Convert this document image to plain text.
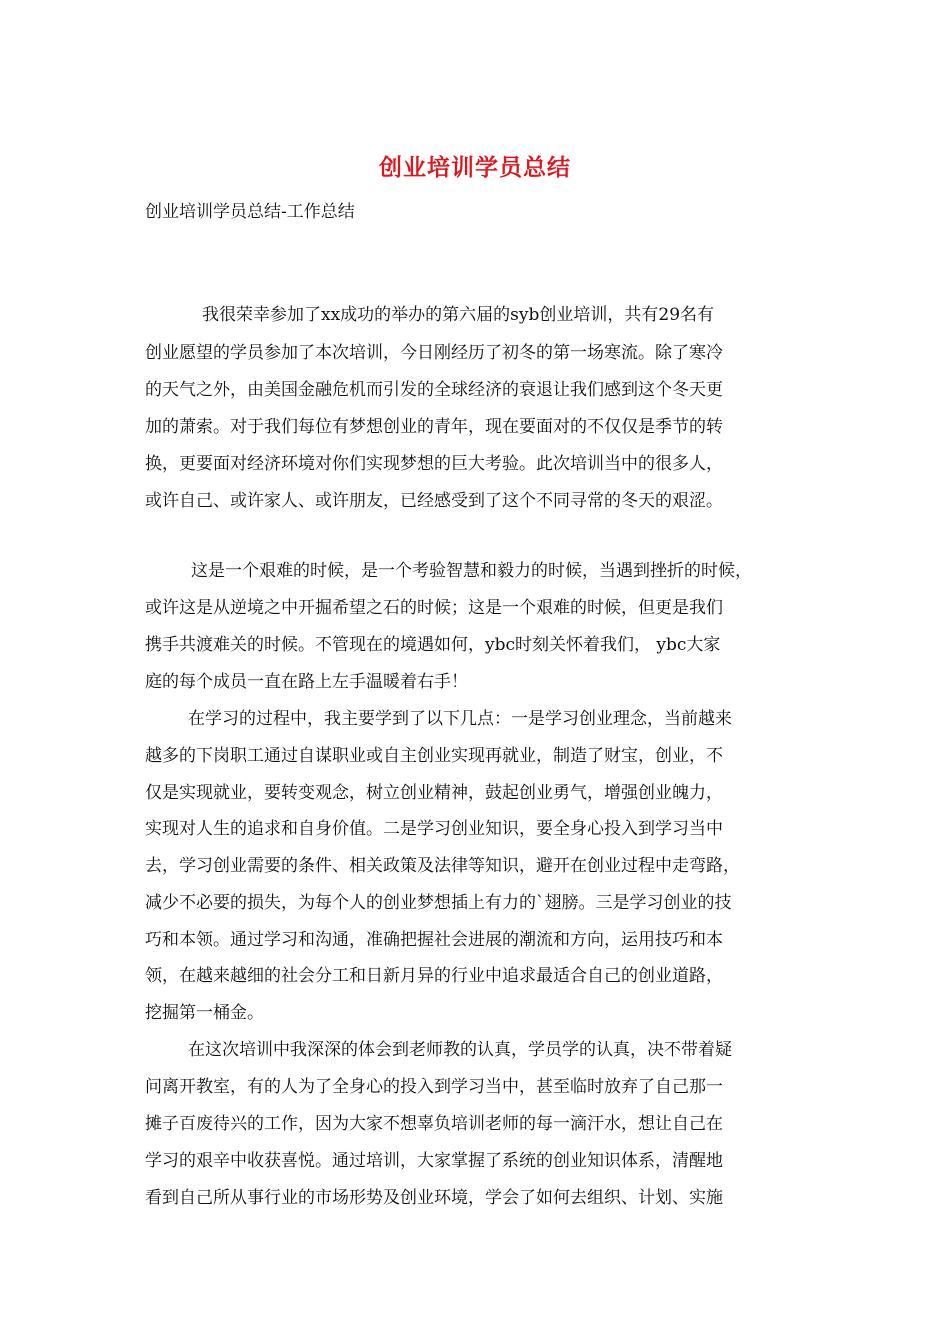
创业培训学员总结

创业培训学员总结-工作总结

我很荣幸参加了xx成功的举办的第六届的syb创业培训，共有29名有

创业愿望的学员参加了本次培训，今日刚经历了初冬的第一场寒流。除了寒冷

的天气之外，由美国金融危机而引发的全球经济的衰退让我们感到这个冬天更

加的萧索。对于我们每位有梦想创业的青年，现在要面对的不仅仅是季节的转

换，更要面对经济环境对你们实现梦想的巨大考验。此次培训当中的很多人，

或许自己、或许家人、或许朋友，已经感受到了这个不同寻常的冬天的艰涩。

这是一个艰难的时候，是一个考验智慧和毅力的时候，当遇到挫折的时候，

或许这是从逆境之中开掘希望之石的时候；这是一个艰难的时候，但更是我们

携手共渡难关的时候。不管现在的境遇如何，ybc时刻关怀着我们， ybc大家

庭的每个成员一直在路上左手温暖着右手！

在学习的过程中，我主要学到了以下几点：一是学习创业理念，当前越来

越多的下岗职工通过自谋职业或自主创业实现再就业，制造了财宝，创业，不

仅是实现就业，要转变观念，树立创业精神，鼓起创业勇气，增强创业魄力，

实现对人生的追求和自身价值。二是学习创业知识，要全身心投入到学习当中

去，学习创业需要的条件、相关政策及法律等知识，避开在创业过程中走弯路，

减少不必要的损失，为每个人的创业梦想插上有力的`翅膀。三是学习创业的技

巧和本领。通过学习和沟通，准确把握社会进展的潮流和方向，运用技巧和本

领，在越来越细的社会分工和日新月异的行业中追求最适合自己的创业道路，

挖掘第一桶金。

在这次培训中我深深的体会到老师教的认真，学员学的认真，决不带着疑

问离开教室，有的人为了全身心的投入到学习当中，甚至临时放弃了自己那一

摊子百废待兴的工作，因为大家不想辜负培训老师的每一滴汗水，想让自己在

学习的艰辛中收获喜悦。通过培训，大家掌握了系统的创业知识体系，清醒地

看到自己所从事行业的市场形势及创业环境，学会了如何去组织、计划、实施
